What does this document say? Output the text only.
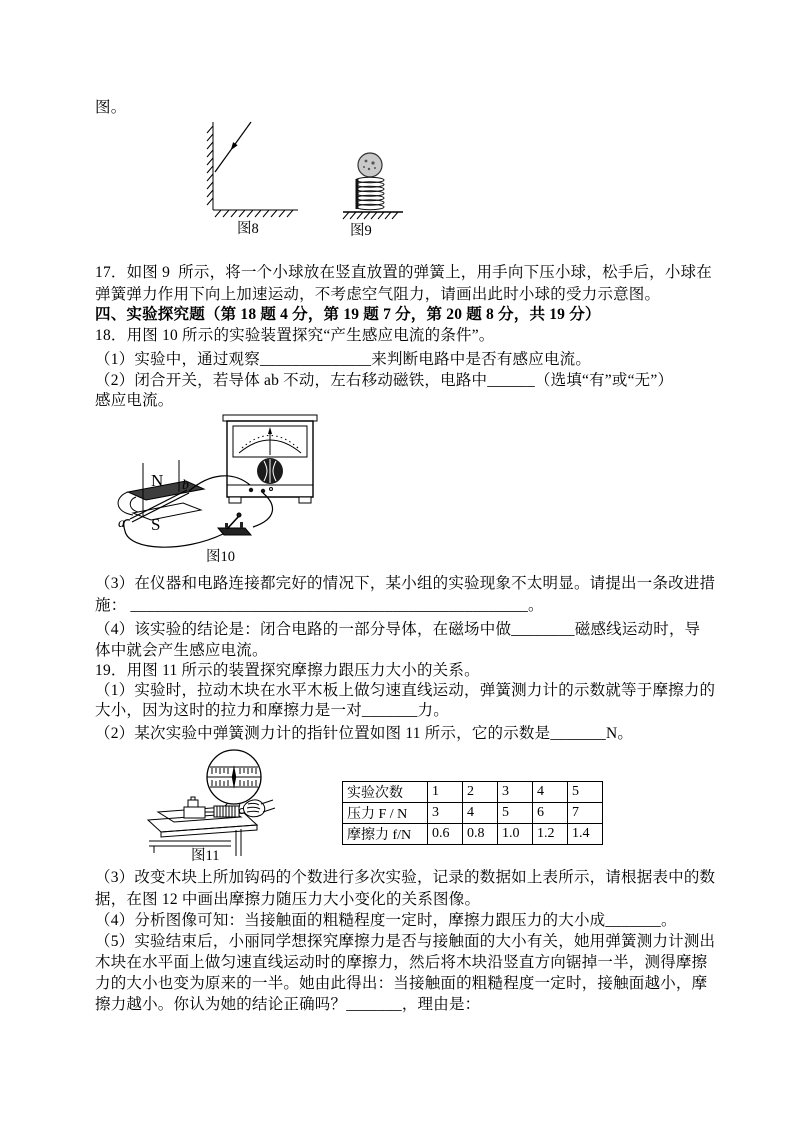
图。
17．如图 9  所示，将一个小球放在竖直放置的弹簧上，用手向下压小球，松手后，小球在
弹簧弹力作用下向上加速运动，不考虑空气阻力，请画出此时小球的受力示意图。
四、实验探究题（第 18 题 4 分，第 19 题 7 分，第 20 题 8 分，共 19 分）
18．用图 10 所示的实验装置探究“产生感应电流的条件”。
（1）实验中，通过观察______________来判断电路中是否有感应电流。
（2）闭合开关，若导体 ab 不动，左右移动磁铁，电路中______（选填“有”或“无”）
感应电流。
（3）在仪器和电路连接都完好的情况下，某小组的实验现象不太明显。请提出一条改进措
施： __________________________________________________。
（4）该实验的结论是：闭合电路的一部分导体，在磁场中做________磁感线运动时，导
体中就会产生感应电流。
19．用图 11 所示的装置探究摩擦力跟压力大小的关系。
（1）实验时，拉动木块在水平木板上做匀速直线运动，弹簧测力计的示数就等于摩擦力的
大小，因为这时的拉力和摩擦力是一对_______力。
（2）某次实验中弹簧测力计的指针位置如图 11 所示，它的示数是_______N。
（3）改变木块上所加钩码的个数进行多次实验，记录的数据如上表所示，请根据表中的数
据，在图 12 中画出摩擦力随压力大小变化的关系图像。
（4）分析图像可知：当接触面的粗糙程度一定时，摩擦力跟压力的大小成_______。
（5）实验结束后，小丽同学想探究摩擦力是否与接触面的大小有关，她用弹簧测力计测出
木块在水平面上做匀速直线运动时的摩擦力，然后将木块沿竖直方向锯掉一半，测得摩擦
力的大小也变为原来的一半。她由此得出：当接触面的粗糙程度一定时，接触面越小，摩
擦力越小。你认为她的结论正确吗？_______，理由是：
图8	图9
N
S
a
b
图10
图11
实验次数	1	2	3	4	5
压力 F / N	3	4	5	6	7
摩擦力 f/N	0.6	0.8	1.0	1.2	1.4
